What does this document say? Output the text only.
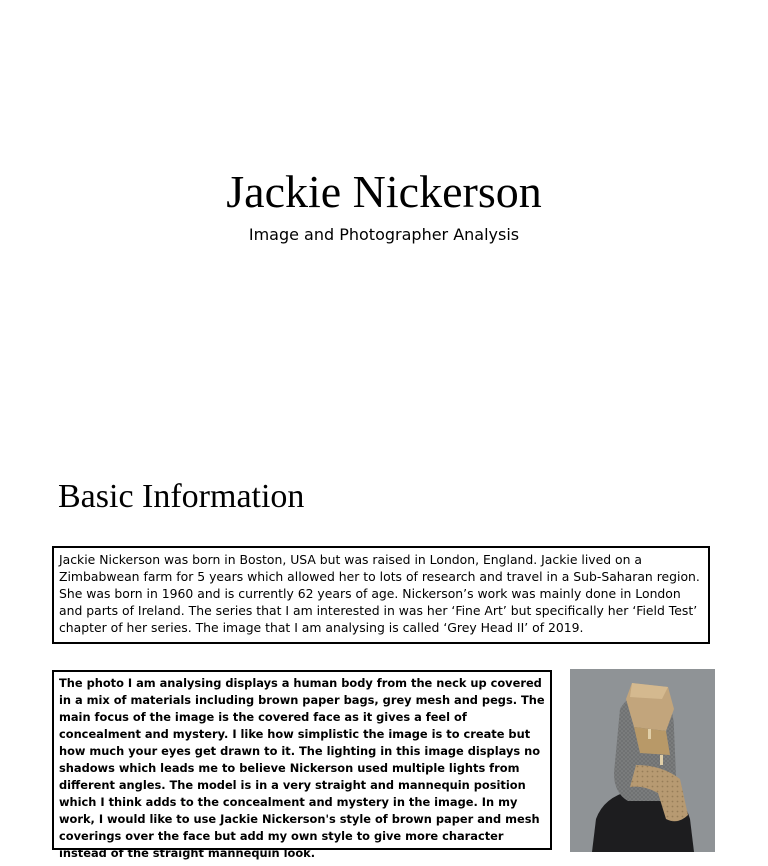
Jackie Nickerson
Image and Photographer Analysis
Basic Information
Jackie Nickerson was born in Boston, USA but was raised in London, England. Jackie lived on a Zimbabwean farm for 5 years which allowed her to lots of research and travel in a Sub-Saharan region. She was born in 1960 and is currently 62 years of age. Nickerson’s work was mainly done in London and parts of Ireland. The series that I am interested in was her ‘Fine Art’ but specifically her ‘Field Test’ chapter of her series. The image that I am analysing is called ‘Grey Head II’ of 2019.
The photo I am analysing displays a human body from the neck up covered in a mix of materials including brown paper bags, grey mesh and pegs. The main focus of the image is the covered face as it gives a feel of concealment and mystery. I like how simplistic the image is to create but how much your eyes get drawn to it. The lighting in this image displays no shadows which leads me to believe Nickerson used multiple lights from different angles. The model is in a very straight and mannequin position which I think adds to the concealment and mystery in the image. In my work, I would like to use Jackie Nickerson's style of brown paper and mesh coverings over the face but add my own style to give more character instead of the straight mannequin look.
